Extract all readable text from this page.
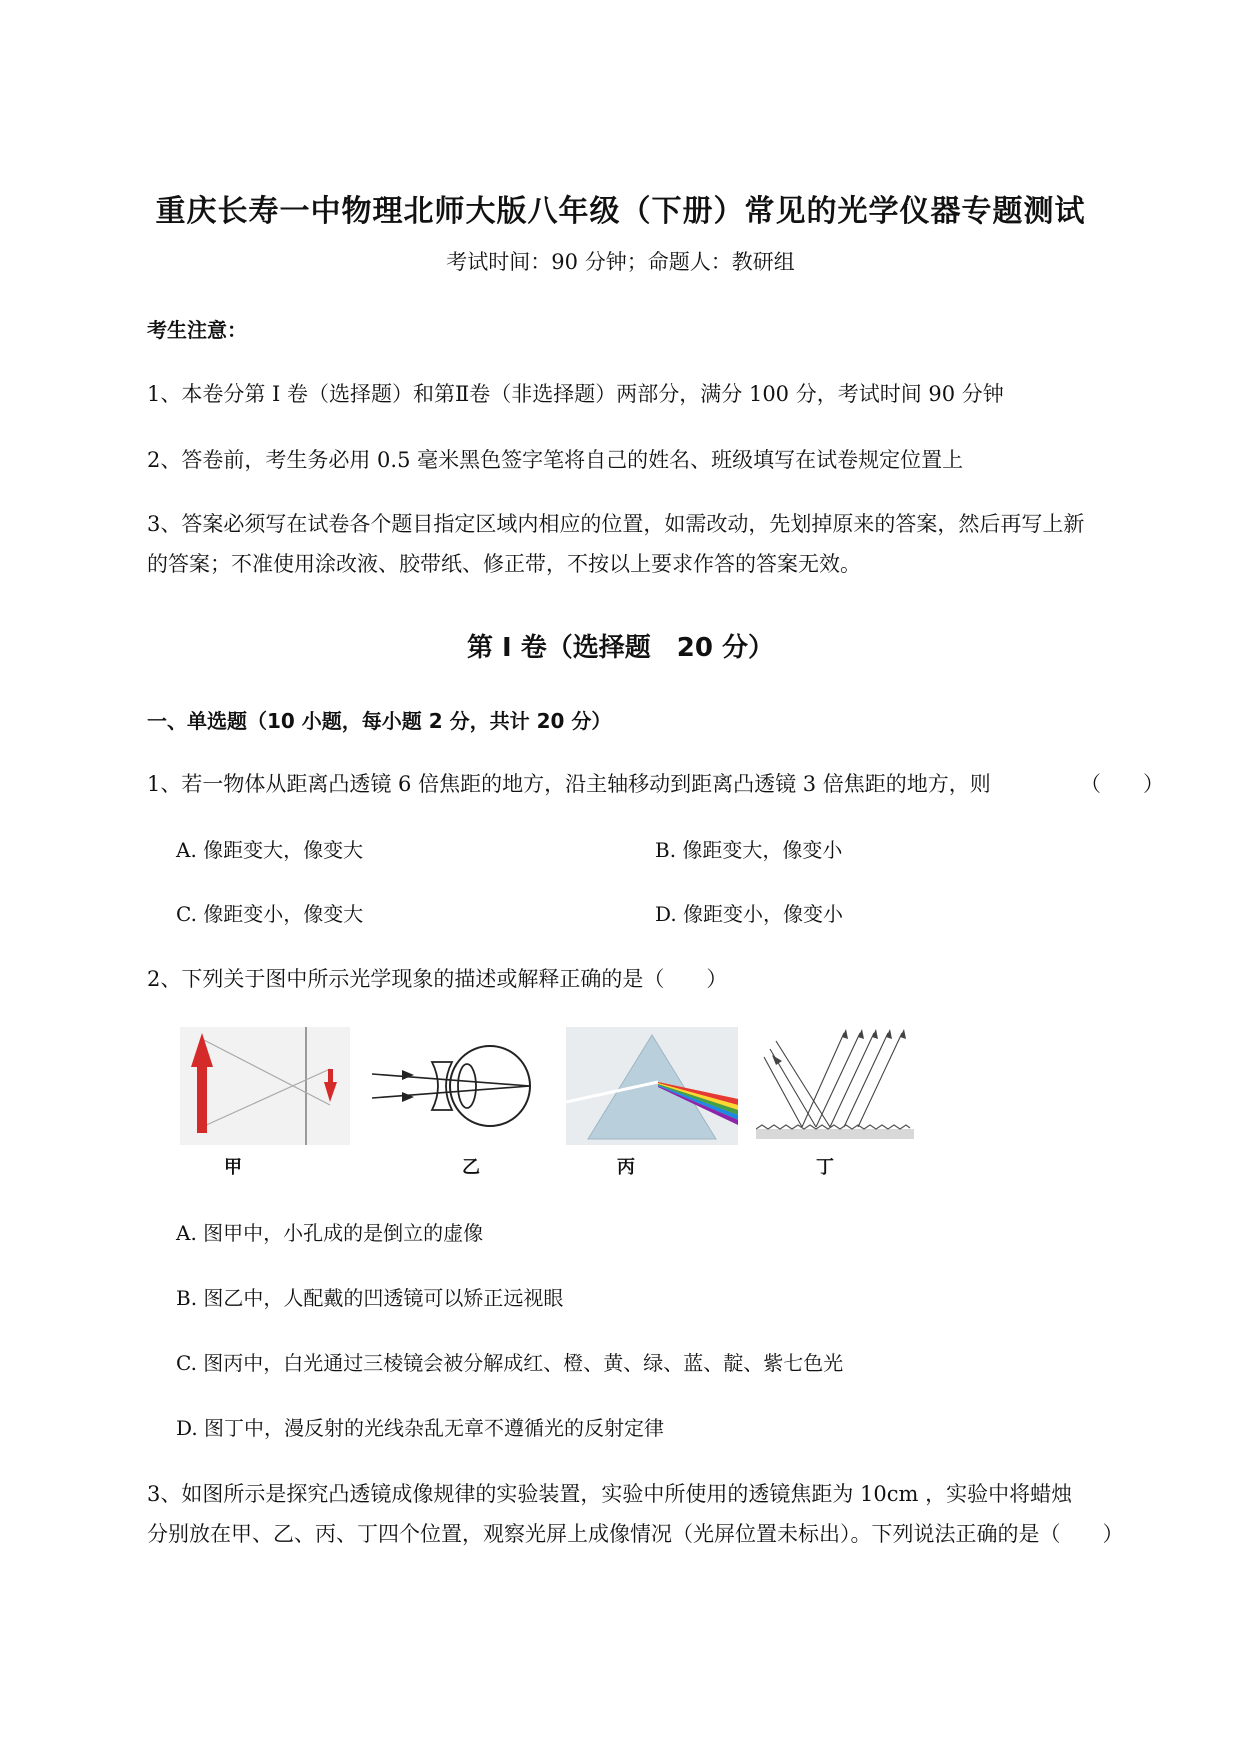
重庆长寿一中物理北师大版八年级（下册）常见的光学仪器专题测试
考试时间：90 分钟；命题人：教研组
考生注意：
1、本卷分第 I 卷（选择题）和第Ⅱ卷（非选择题）两部分，满分 100 分，考试时间 90 分钟
2、答卷前，考生务必用 0.5 毫米黑色签字笔将自己的姓名、班级填写在试卷规定位置上
3、答案必须写在试卷各个题目指定区域内相应的位置，如需改动，先划掉原来的答案，然后再写上新
的答案；不准使用涂改液、胶带纸、修正带，不按以上要求作答的答案无效。
第 I 卷（选择题　20 分）
一、单选题（10 小题，每小题 2 分，共计 20 分）
1、若一物体从距离凸透镜 6 倍焦距的地方，沿主轴移动到距离凸透镜 3 倍焦距的地方，则	（　　）
A. 像距变大，像变大	B. 像距变大，像变小
C. 像距变小，像变大	D. 像距变小，像变小
2、下列关于图中所示光学现象的描述或解释正确的是（　　）
甲	乙	丙	丁
A. 图甲中，小孔成的是倒立的虚像
B. 图乙中，人配戴的凹透镜可以矫正远视眼
C. 图丙中，白光通过三棱镜会被分解成红、橙、黄、绿、蓝、靛、紫七色光
D. 图丁中，漫反射的光线杂乱无章不遵循光的反射定律
3、如图所示是探究凸透镜成像规律的实验装置，实验中所使用的透镜焦距为 10cm ，实验中将蜡烛
分别放在甲、乙、丙、丁四个位置，观察光屏上成像情况（光屏位置未标出）。下列说法正确的是（　　）
